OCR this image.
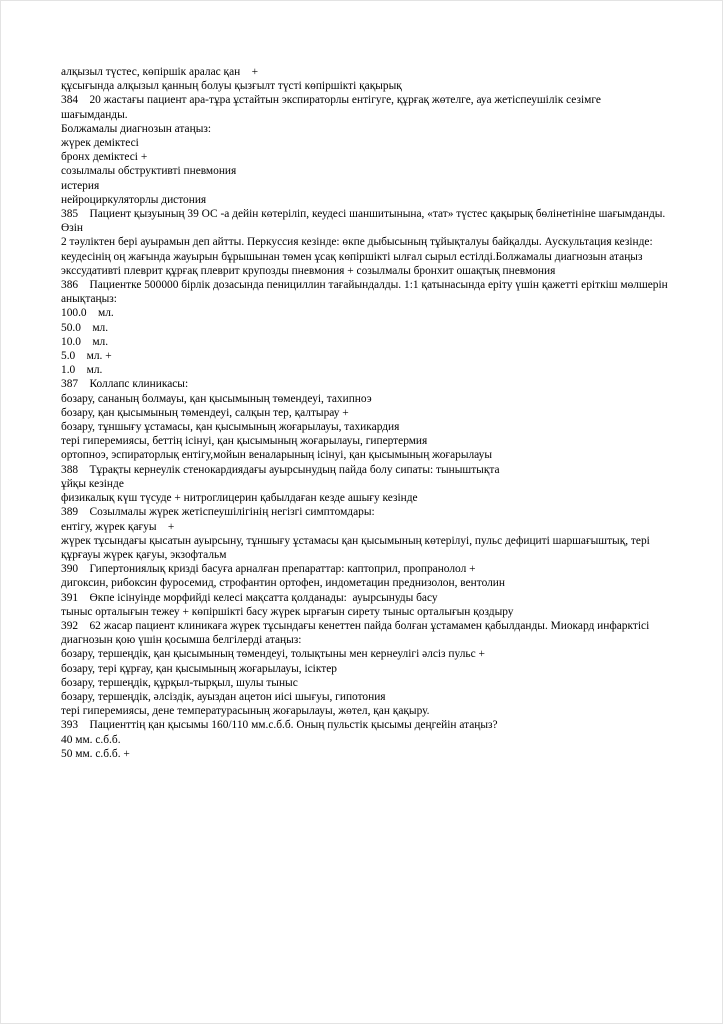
алқызыл түстес, көпіршік аралас қан    +
құсығында алқызыл қанның болуы қызғылт түсті көпіршікті қақырық
384    20 жастағы пациент ара-тұра ұстайтын экспираторлы ентігуге, құрғақ жөтелге, ауа жетіспеушілік сезімге шағымданды.
Болжамалы диагнозын атаңыз:
жүрек деміктесі
бронх деміктесі +
созылмалы обструктивті пневмония
истерия
нейроциркуляторлы дистония
385    Пациент қызуының 39 ОС -а дейін көтеріліп, кеудесі шаншитынына, «тат» түстес қақырық бөлінетініне шағымданды. Өзін
2 тәуліктен бері ауырамын деп айтты. Перкуссия кезінде: өкпе дыбысының тұйықталуы байқалды. Аускультация кезінде:
кеудесінің оң жағында жауырын бұрышынан төмен ұсақ көпіршікті ылғал сырыл естілді.Болжамалы диагнозын атаңыз
экссудативті плеврит құрғақ плеврит крупозды пневмония + созылмалы бронхит ошақтық пневмония
386    Пациентке 500000 бірлік дозасында пенициллин тағайындалды. 1:1 қатынасында еріту үшін қажетті еріткіш мөлшерін
анықтаңыз:
100.0    мл.
50.0    мл.
10.0    мл.
5.0    мл. +
1.0    мл.
387    Коллапс клиникасы:
бозару, сананың болмауы, қан қысымының төмендеуі, тахипноэ
бозару, қан қысымының төмендеуі, салқын тер, қалтырау +
бозару, тұншығу ұстамасы, қан қысымының жоғарылауы, тахикардия
тері гиперемиясы, беттің ісінуі, қан қысымының жоғарылауы, гипертермия
ортопноэ, эспираторлық ентігу,мойын веналарының ісінуі, қан қысымының жоғарылауы
388    Тұрақты кернеулік стенокардиядағы ауырсынудың пайда болу сипаты: тыныштықта
ұйқы кезінде
физикалық күш түсуде + нитроглицерин қабылдаған кезде ашығу кезінде
389    Созылмалы жүрек жетіспеушілігінің негізгі симптомдары:
ентігу, жүрек қағуы    +
жүрек тұсындағы қысатын ауырсыну, тұншығу ұстамасы қан қысымының көтерілуі, пульс дефициті шаршағыштық, тері
құрғауы жүрек қағуы, экзофтальм
390    Гипертониялық кризді басуға арналған препараттар: каптоприл, пропранолол +
дигоксин, рибоксин фуросемид, строфантин ортофен, индометацин преднизолон, вентолин
391    Өкпе ісінуінде морфийді келесі мақсатта қолданады:  ауырсынуды басу
тыныс орталығын тежеу + көпіршікті басу жүрек ырғағын сирету тыныс орталығын қоздыру
392    62 жасар пациент клиникаға жүрек тұсындағы кенеттен пайда болған ұстамамен қабылданды. Миокард инфарктісі
диагнозын қою үшін қосымша белгілерді атаңыз:
бозару, тершеңдік, қан қысымының төмендеуі, толықтыны мен кернеулігі әлсіз пульс +
бозару, тері құрғау, қан қысымының жоғарылауы, ісіктер
бозару, тершеңдік, құрқыл-тырқыл, шулы тыныс
бозару, тершеңдік, әлсіздік, ауыздан ацетон иісі шығуы, гипотония
тері гиперемиясы, дене температурасының жоғарылауы, жөтел, қан қақыру.
393    Пациенттің қан қысымы 160/110 мм.с.б.б. Оның пульстік қысымы деңгейін атаңыз?
40 мм. с.б.б.
50 мм. с.б.б. +
